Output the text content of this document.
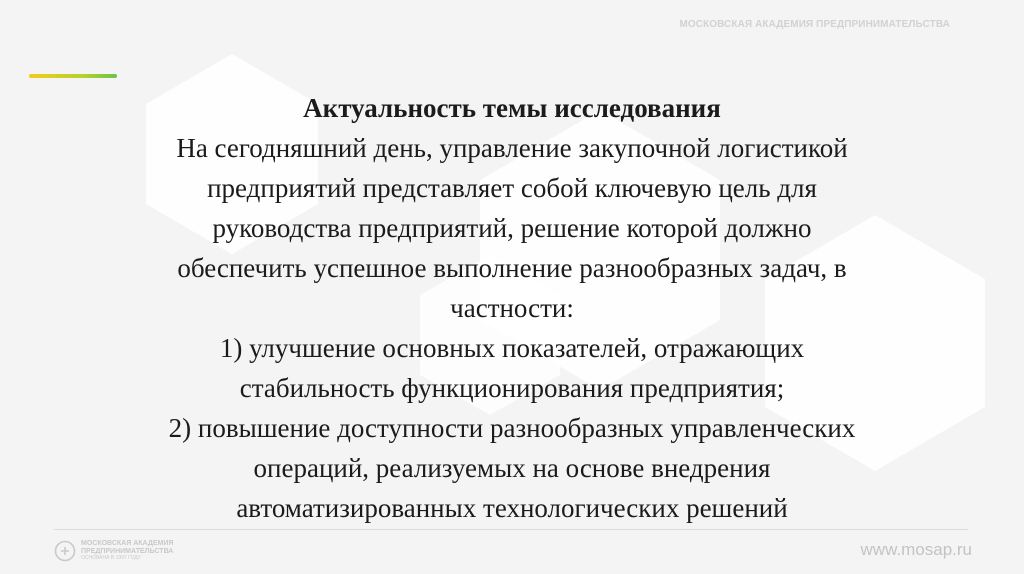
МОСКОВСКАЯ АКАДЕМИЯ ПРЕДПРИНИМАТЕЛЬСТВА
Актуальность темы исследования
На сегодняшний день, управление закупочной логистикой
предприятий представляет собой ключевую цель для
руководства предприятий, решение которой должно
обеспечить успешное выполнение разнообразных задач, в
частности:
1) улучшение основных показателей, отражающих
стабильность функционирования предприятия;
2) повышение доступности разнообразных управленческих
операций, реализуемых на основе внедрения
автоматизированных технологических решений
МОСКОВСКАЯ АКАДЕМИЯ
ПРЕДПРИНИМАТЕЛЬСТВА
ОСНОВАНА В 1997 ГОДУ	www.mosap.ru
